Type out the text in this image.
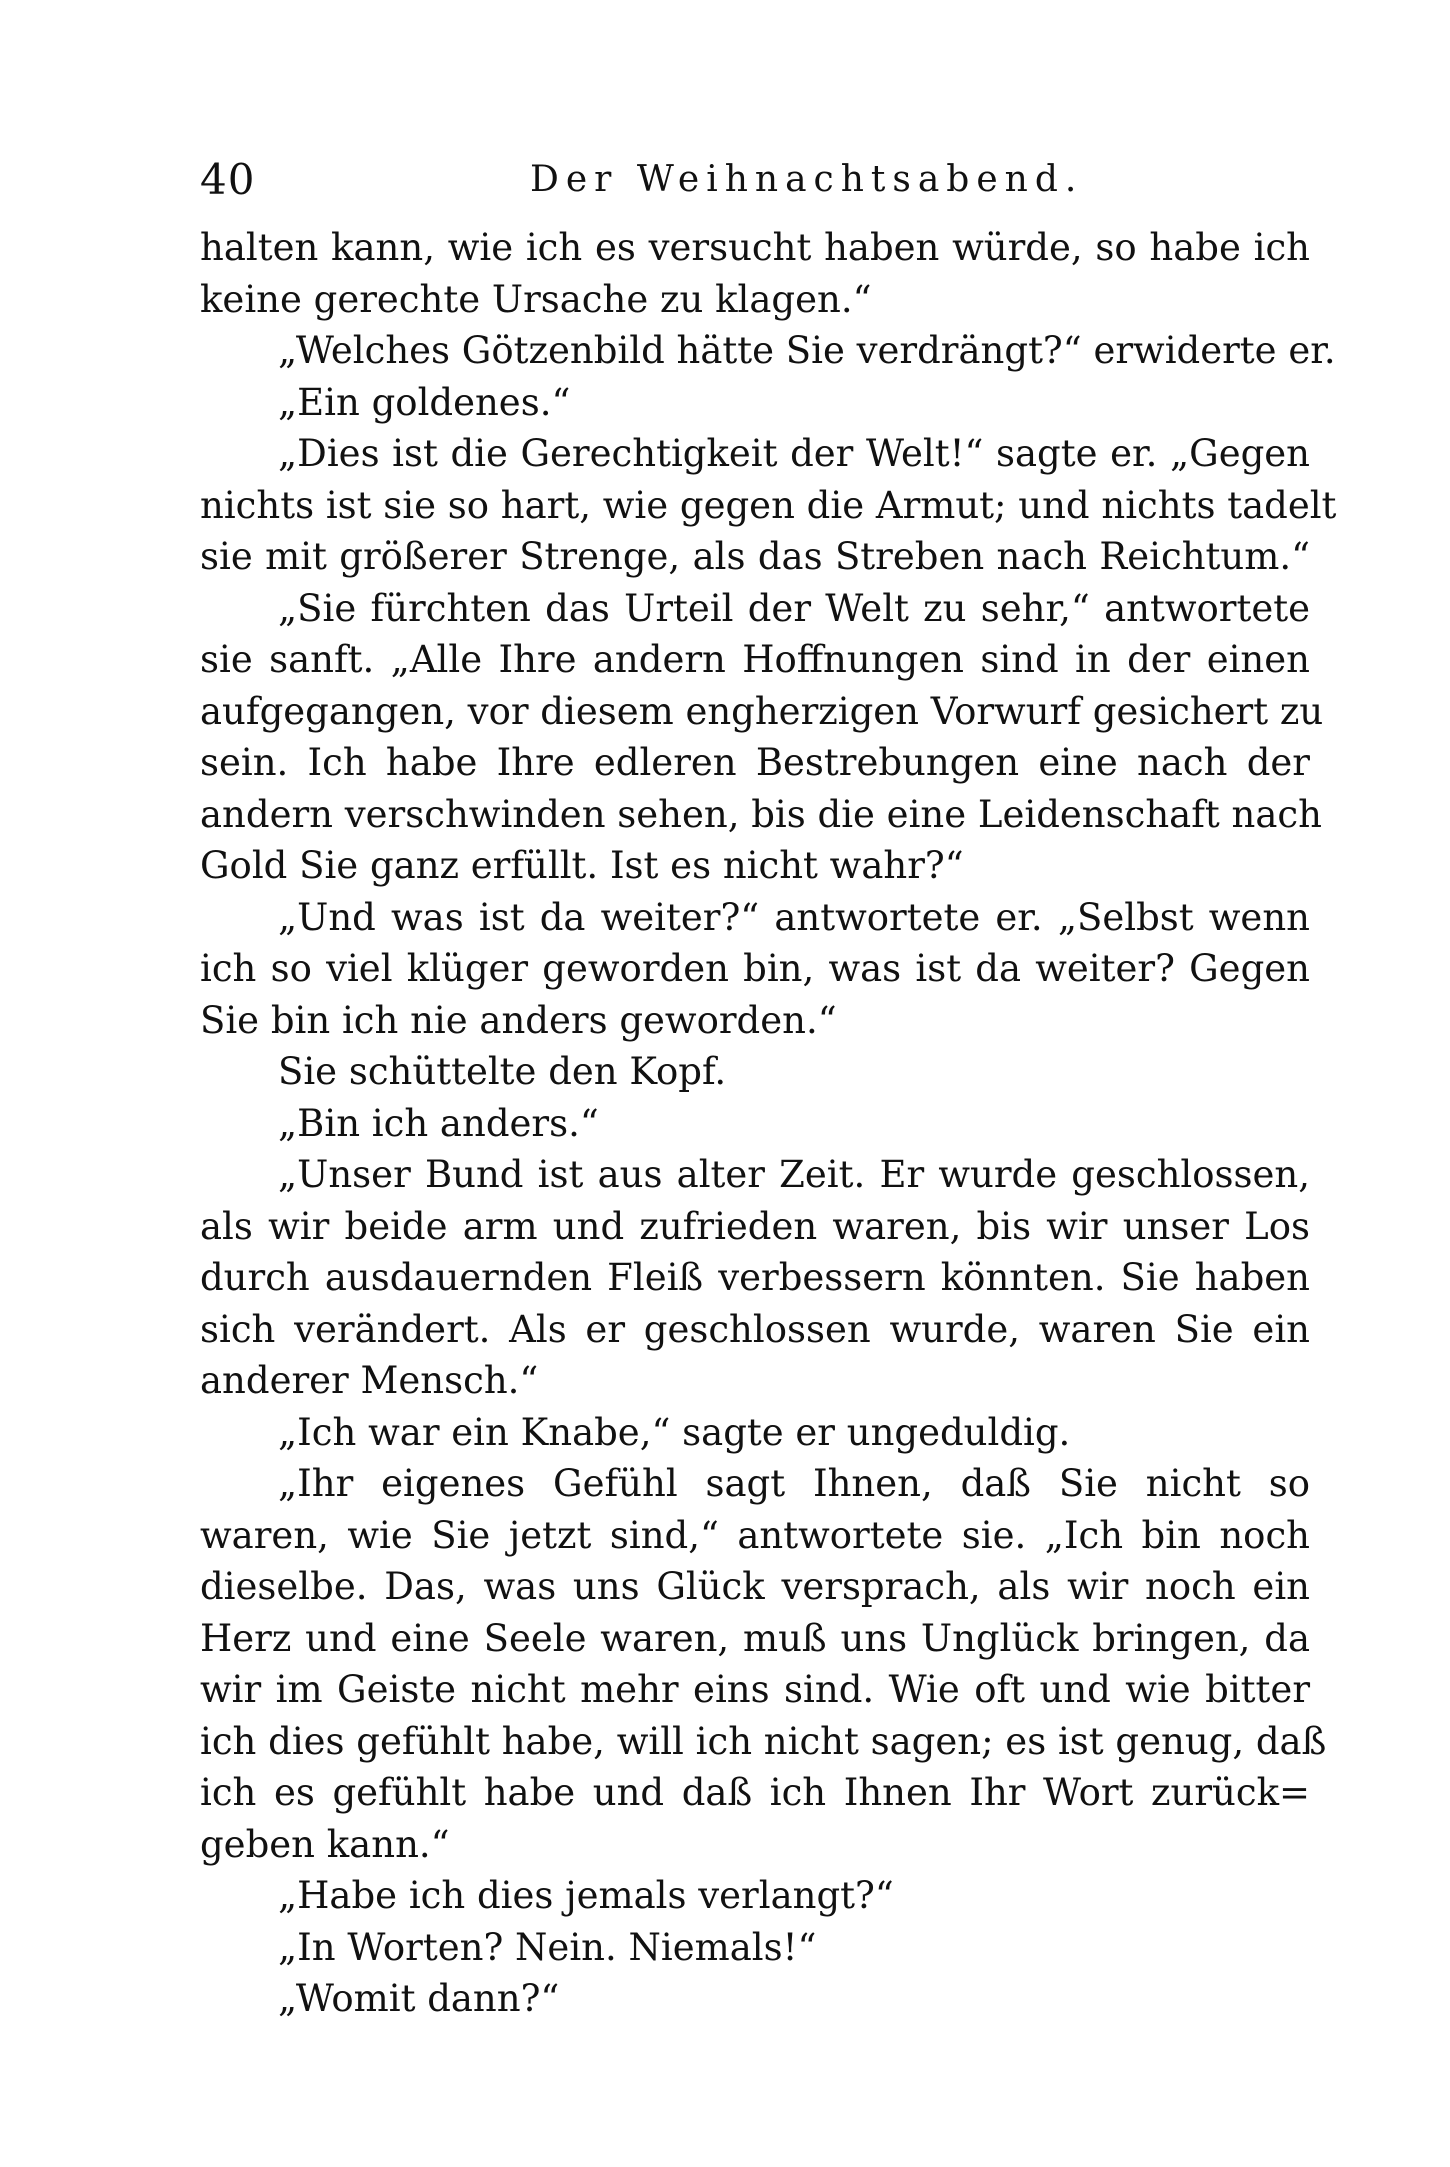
40	Der Weihnachtsabend.
halten kann, wie ich es versucht haben würde, so habe ich
keine gerechte Ursache zu klagen.“
„Welches Götzenbild hätte Sie verdrängt?“ erwiderte er.
„Ein goldenes.“
„Dies ist die Gerechtigkeit der Welt!“ sagte er. „Gegen
nichts ist sie so hart, wie gegen die Armut; und nichts tadelt
sie mit größerer Strenge, als das Streben nach Reichtum.“
„Sie fürchten das Urteil der Welt zu sehr,“ antwortete
sie sanft. „Alle Ihre andern Hoffnungen sind in der einen
aufgegangen, vor diesem engherzigen Vorwurf gesichert zu
sein. Ich habe Ihre edleren Bestrebungen eine nach der
andern verschwinden sehen, bis die eine Leidenschaft nach
Gold Sie ganz erfüllt. Ist es nicht wahr?“
„Und was ist da weiter?“ antwortete er. „Selbst wenn
ich so viel klüger geworden bin, was ist da weiter? Gegen
Sie bin ich nie anders geworden.“
Sie schüttelte den Kopf.
„Bin ich anders.“
„Unser Bund ist aus alter Zeit. Er wurde geschlossen,
als wir beide arm und zufrieden waren, bis wir unser Los
durch ausdauernden Fleiß verbessern könnten. Sie haben
sich verändert. Als er geschlossen wurde, waren Sie ein
anderer Mensch.“
„Ich war ein Knabe,“ sagte er ungeduldig.
„Ihr eigenes Gefühl sagt Ihnen, daß Sie nicht so
waren, wie Sie jetzt sind,“ antwortete sie. „Ich bin noch
dieselbe. Das, was uns Glück versprach, als wir noch ein
Herz und eine Seele waren, muß uns Unglück bringen, da
wir im Geiste nicht mehr eins sind. Wie oft und wie bitter
ich dies gefühlt habe, will ich nicht sagen; es ist genug, daß
ich es gefühlt habe und daß ich Ihnen Ihr Wort zurück=
geben kann.“
„Habe ich dies jemals verlangt?“
„In Worten? Nein. Niemals!“
„Womit dann?“
